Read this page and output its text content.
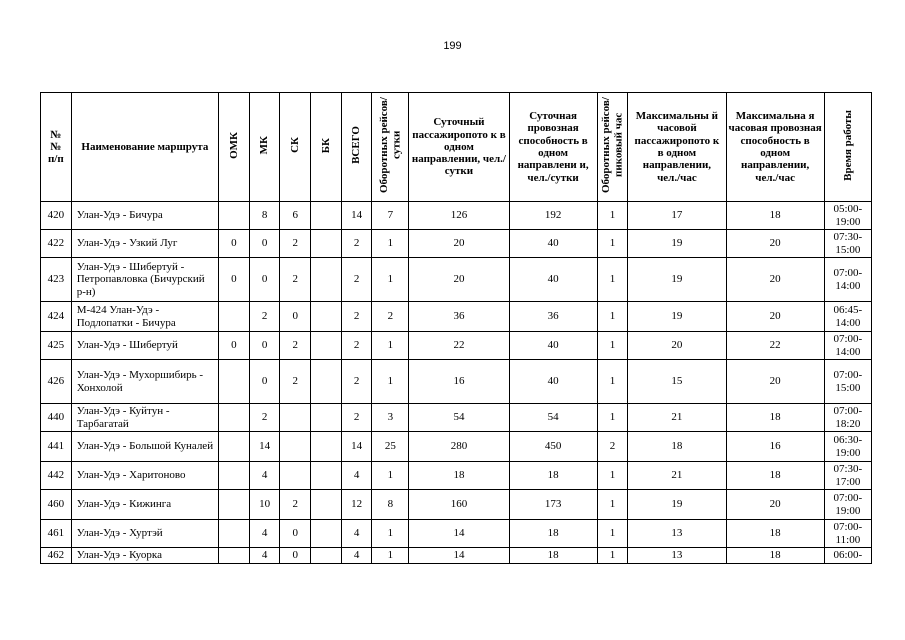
199
№
№
п/п	Наименование маршрута	ОМК	МК	СК	БК	ВСЕГО	Оборотных рейсов/сутки	Суточный пассажиропото к в одном направлении, чел./сутки	Суточная провозная способность в одном направлени и, чел./сутки	Оборотных рейсов/ пиковый час	Максимальны й часовой пассажиропото к в одном направлении, чел./час	Максимальна я часовая провозная способность в одном направлении, чел./час	Время работы
420	Улан-Удэ - Бичура		8	6		14	7	126	192	1	17	18	05:00-
19:00

422	Улан-Удэ - Узкий Луг	0	0	2		2	1	20	40	1	19	20	07:30-
15:00

423	Улан-Удэ - Шибертуй - Петропавловка (Бичурский р-н)	0	0	2		2	1	20	40	1	19	20	07:00-
14:00

424	М-424 Улан-Удэ - Подлопатки - Бичура		2	0		2	2	36	36	1	19	20	06:45-
14:00

425	Улан-Удэ - Шибертуй	0	0	2		2	1	22	40	1	20	22	07:00-
14:00

426	Улан-Удэ - Мухоршибирь - Хонхолой		0	2		2	1	16	40	1	15	20	07:00-
15:00

440	Улан-Удэ - Куйтун - Тарбагатай		2			2	3	54	54	1	21	18	07:00-
18:20

441	Улан-Удэ - Большой Куналей		14			14	25	280	450	2	18	16	06:30-
19:00

442	Улан-Удэ - Харитоново		4			4	1	18	18	1	21	18	07:30-
17:00

460	Улан-Удэ - Кижинга		10	2		12	8	160	173	1	19	20	07:00-
19:00

461	Улан-Удэ - Хуртэй		4	0		4	1	14	18	1	13	18	07:00-
11:00

462	Улан-Удэ - Куорка		4	0		4	1	14	18	1	13	18	06:00-
